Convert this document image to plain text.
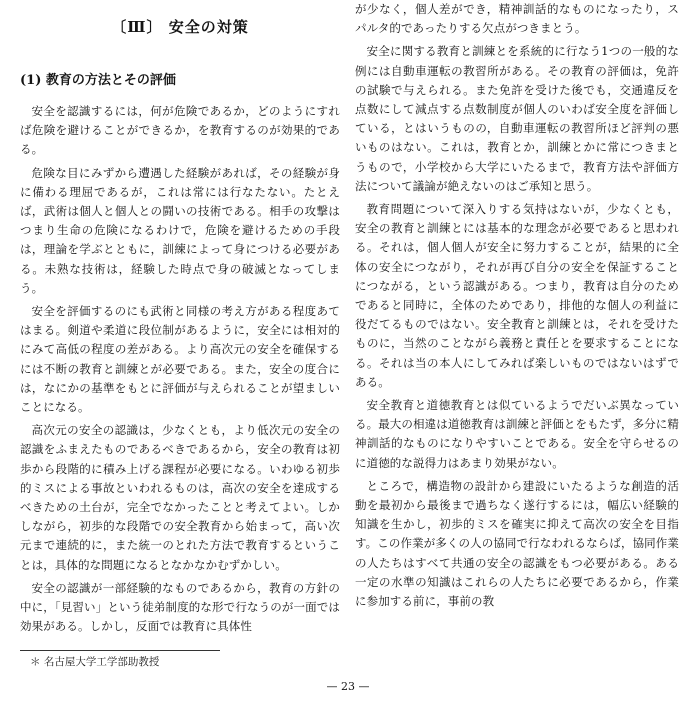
〔Ⅲ〕 安全の対策
(1) 教育の方法とその評価

安全を認識するには，何が危険であるか，どのようにすれば危険を避けることができるか，を教育するのが効果的である。

危険な目にみずから遭遇した経験があれば，その経験が身に備わる理屈であるが，これは常には行なたない。たとえば，武術は個人と個人との闘いの技術である。相手の攻撃はつまり生命の危険になるわけで，危険を避けるための手段は，理論を学ぶとともに，訓練によって身につける必要がある。未熟な技術は，経験した時点で身の破滅となってしまう。

安全を評価するのにも武術と同様の考え方がある程度あてはまる。剣道や柔道に段位制があるように，安全には相対的にみて高低の程度の差がある。より高次元の安全を確保するには不断の教育と訓練とが必要である。また，安全の度合には，なにかの基準をもとに評価が与えられることが望ましいことになる。

高次元の安全の認識は，少なくとも，より低次元の安全の認識をふまえたものであるべきであるから，安全の教育は初歩から段階的に積み上げる課程が必要になる。いわゆる初歩的ミスによる事故といわれるものは，高次の安全を達成するべきための土台が，完全でなかったことと考えてよい。しかしながら，初歩的な段階での安全教育から始まって，高い次元まで連続的に，また統一のとれた方法で教育するということは，具体的な問題になるとなかなかむずかしい。

安全の認識が一部経験的なものであるから，教育の方針の中に，「見習い」という徒弟制度的な形で行なうのが一面では効果がある。しかし，反面では教育に具体性

が少なく，個人差ができ，精神訓話的なものになったり，スパルタ的であったりする欠点がつきまとう。

安全に関する教育と訓練とを系統的に行なう1つの一般的な例には自動車運転の教習所がある。その教育の評価は，免許の試験で与えられる。また免許を受けた後でも，交通違反を点数にして減点する点数制度が個人のいわば安全度を評価している，とはいうものの，自動車運転の教習所ほど評判の悪いものはない。これは，教育とか，訓練とかに常につきまとうもので，小学校から大学にいたるまで，教育方法や評価方法について議論が絶えないのはご承知と思う。

教育問題について深入りする気持はないが，少なくとも，安全の教育と訓練とには基本的な理念が必要であると思われる。それは，個人個人が安全に努力することが，結果的に全体の安全につながり，それが再び自分の安全を保証することにつながる，という認識がある。つまり，教育は自分のためであると同時に，全体のためであり，排他的な個人の利益に役だてるものではない。安全教育と訓練とは，それを受けたものに，当然のことながら義務と責任とを要求することになる。それは当の本人にしてみれば楽しいものではないはずである。

安全教育と道徳教育とは似ているようでだいぶ異なっている。最大の相違は道徳教育は訓練と評価とをもたず，多分に精神訓話的なものになりやすいことである。安全を守らせるのに道徳的な説得力はあまり効果がない。

ところで，構造物の設計から建設にいたるような創造的活動を最初から最後まで過ちなく遂行するには，幅広い経験的知識を生かし，初歩的ミスを確実に抑えて高次の安全を目指す。この作業が多くの人の協同で行なわれるならば，協同作業の人たちはすべて共通の安全の認識をもつ必要がある。ある一定の水準の知識はこれらの人たちに必要であるから，作業に参加する前に，事前の教

＊ 名古屋大学工学部助教授
— 23 —
